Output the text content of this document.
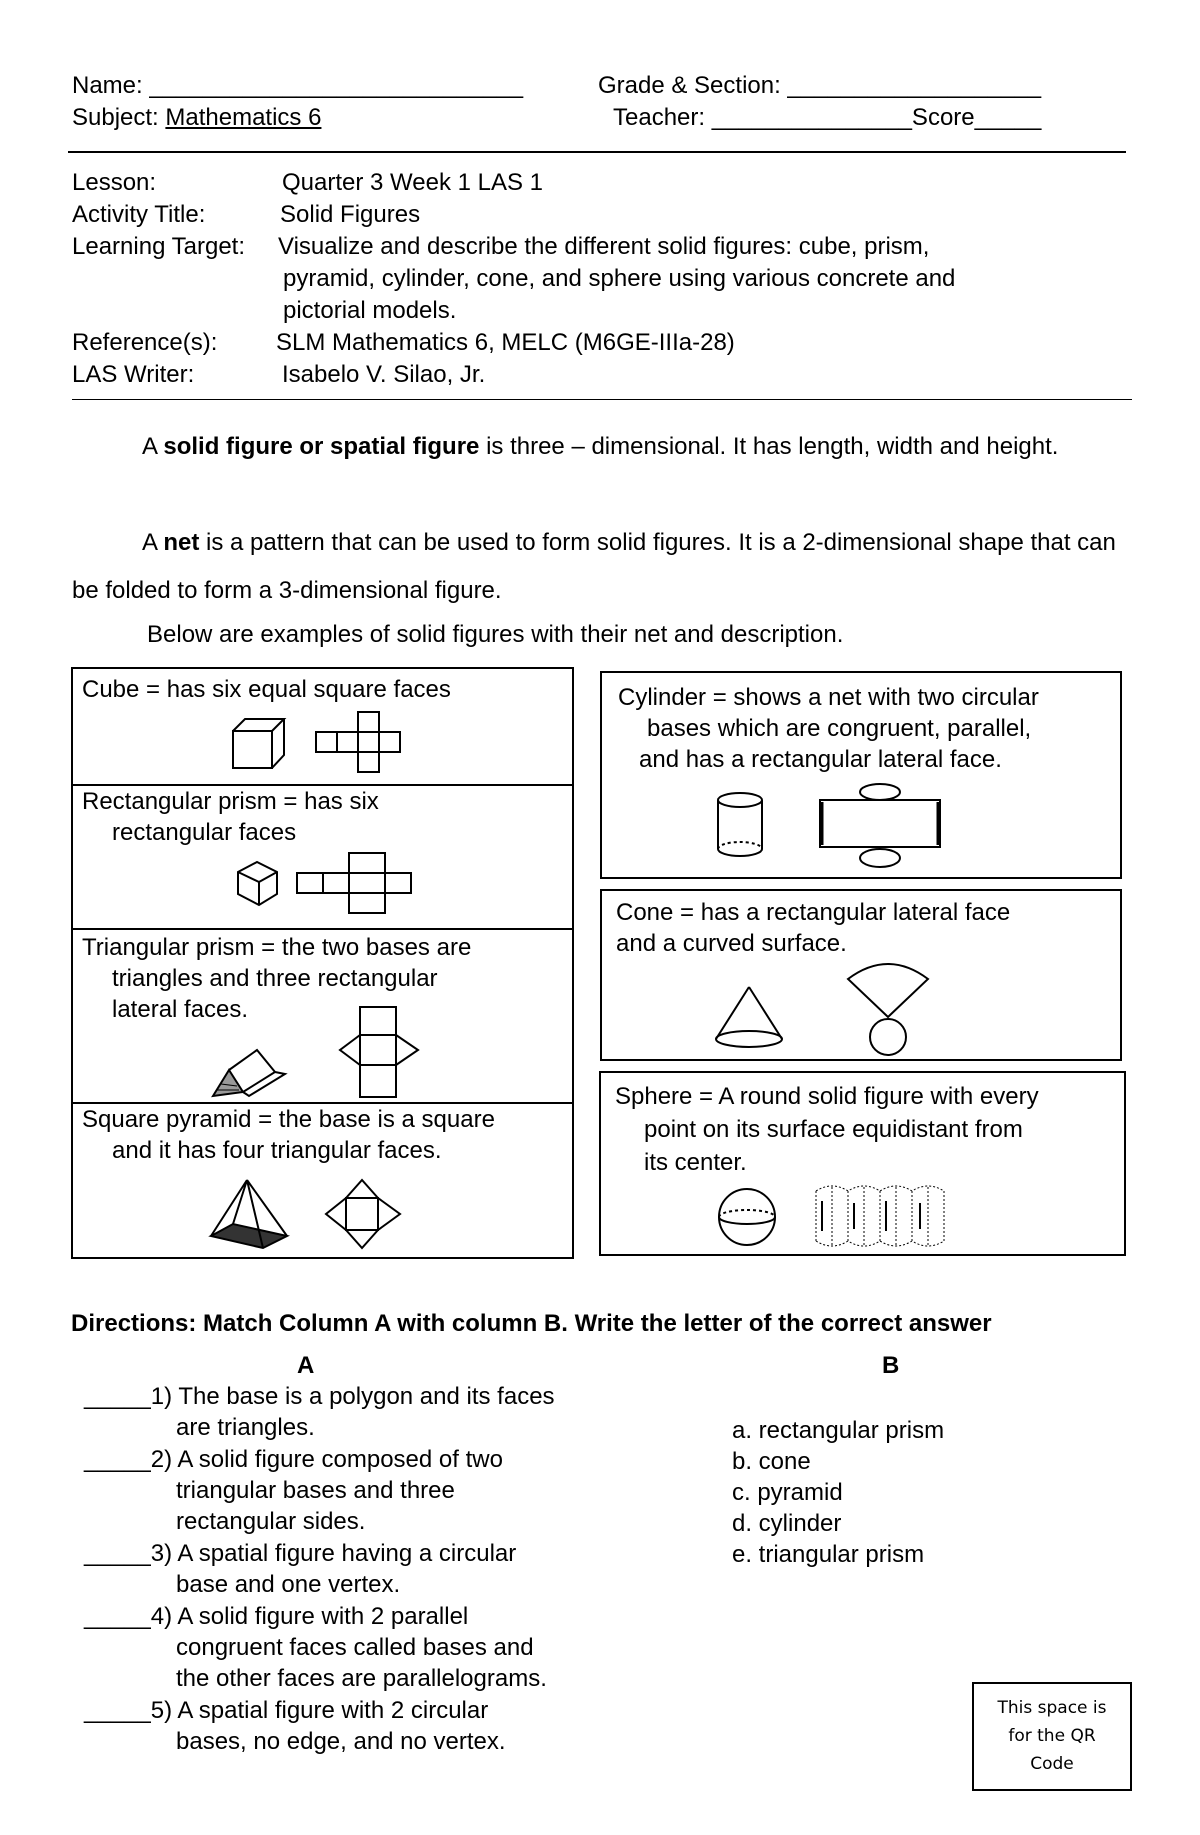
Name: ____________________________	Grade & Section: ___________________
Subject: Mathematics 6	Teacher: _______________Score_____
Lesson:	Quarter 3 Week 1 LAS 1
Activity Title:	Solid Figures
Learning Target: Visualize and describe the different solid figures: cube, prism,
pyramid, cylinder, cone, and sphere using various concrete and
pictorial models.
Reference(s): SLM Mathematics 6, MELC (M6GE-IIIa-28)
LAS Writer:	Isabelo V. Silao, Jr.
A solid figure or spatial figure is three – dimensional. It has length, width and height.
A net is a pattern that can be used to form solid figures. It is a 2-dimensional shape that can be folded to form a 3-dimensional figure.
Below are examples of solid figures with their net and description.
Cube = has six equal square faces
Rectangular prism = has six
rectangular faces
Triangular prism = the two bases are
triangles and three rectangular
lateral faces.
Square pyramid = the base is a square
and it has four triangular faces.
Cylinder = shows a net with two circular
bases which are congruent, parallel,
and has a rectangular lateral face.
Cone = has a rectangular lateral face
and a curved surface.
Sphere = A round solid figure with every
point on its surface equidistant from
its center.
Directions: Match Column A with column B. Write the letter of the correct answer
A	B
_____1) The base is a polygon and its faces
are triangles.
_____2) A solid figure composed of two
triangular bases and three
rectangular sides.
_____3) A spatial figure having a circular
base and one vertex.
_____4) A solid figure with 2 parallel
congruent faces called bases and
the other faces are parallelograms.
_____5) A spatial figure with 2 circular
bases, no edge, and no vertex.
a. rectangular prism
b. cone
c. pyramid
d. cylinder
e. triangular prism
This space is
for the QR
Code
